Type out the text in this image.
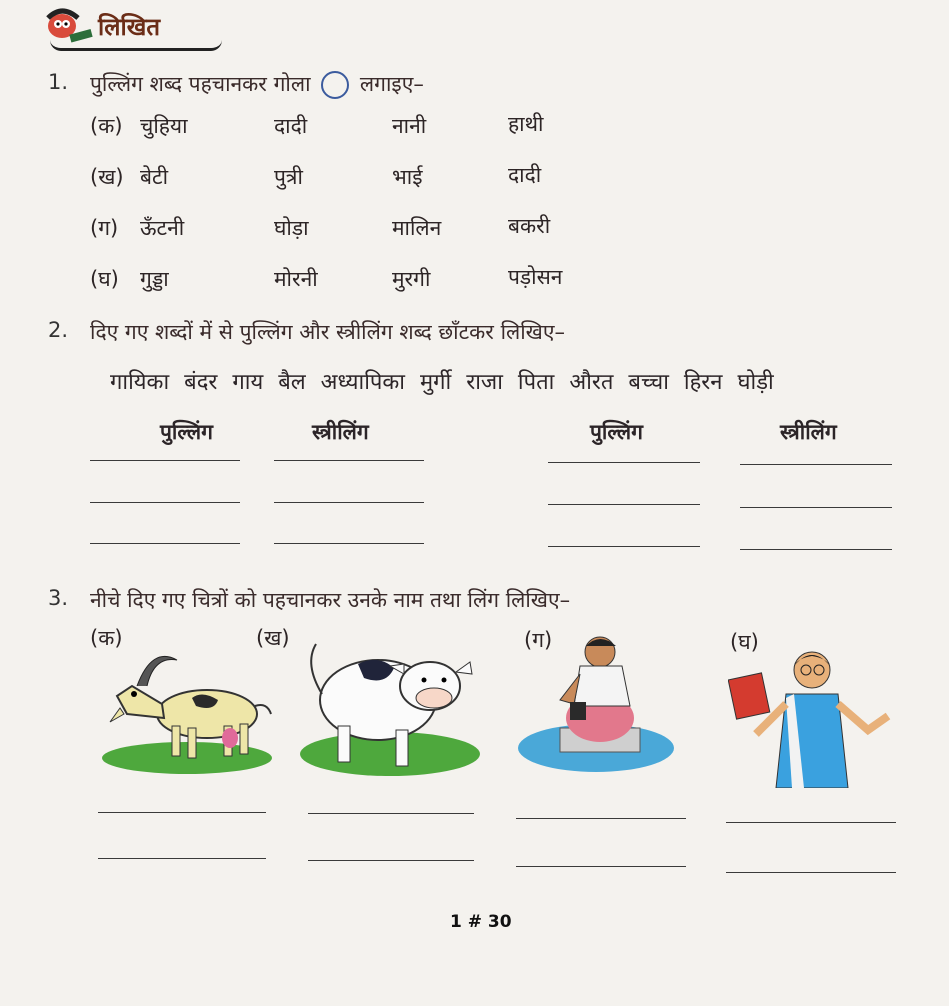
लिखित
1. पुल्लिंग शब्द पहचानकर गोला लगाइए–
(क) चुहिया	दादी	नानी	हाथी
(ख) बेटी	पुत्री	भाई	दादी
(ग) ऊँटनी	घोड़ा	मालिन	बकरी
(घ) गुड्डा	मोरनी	मुरगी	पड़ोसन
2. दिए गए शब्दों में से पुल्लिंग और स्त्रीलिंग शब्द छाँटकर लिखिए–
गायिका बंदर गाय बैल अध्यापिका मुर्गी राजा पिता औरत बच्चा हिरन घोड़ी
पुल्लिंग	स्त्रीलिंग	पुल्लिंग	स्त्रीलिंग
3. नीचे दिए गए चित्रों को पहचानकर उनके नाम तथा लिंग लिखिए–
(क)	(ख)	(ग)	(घ)
1 # 30
